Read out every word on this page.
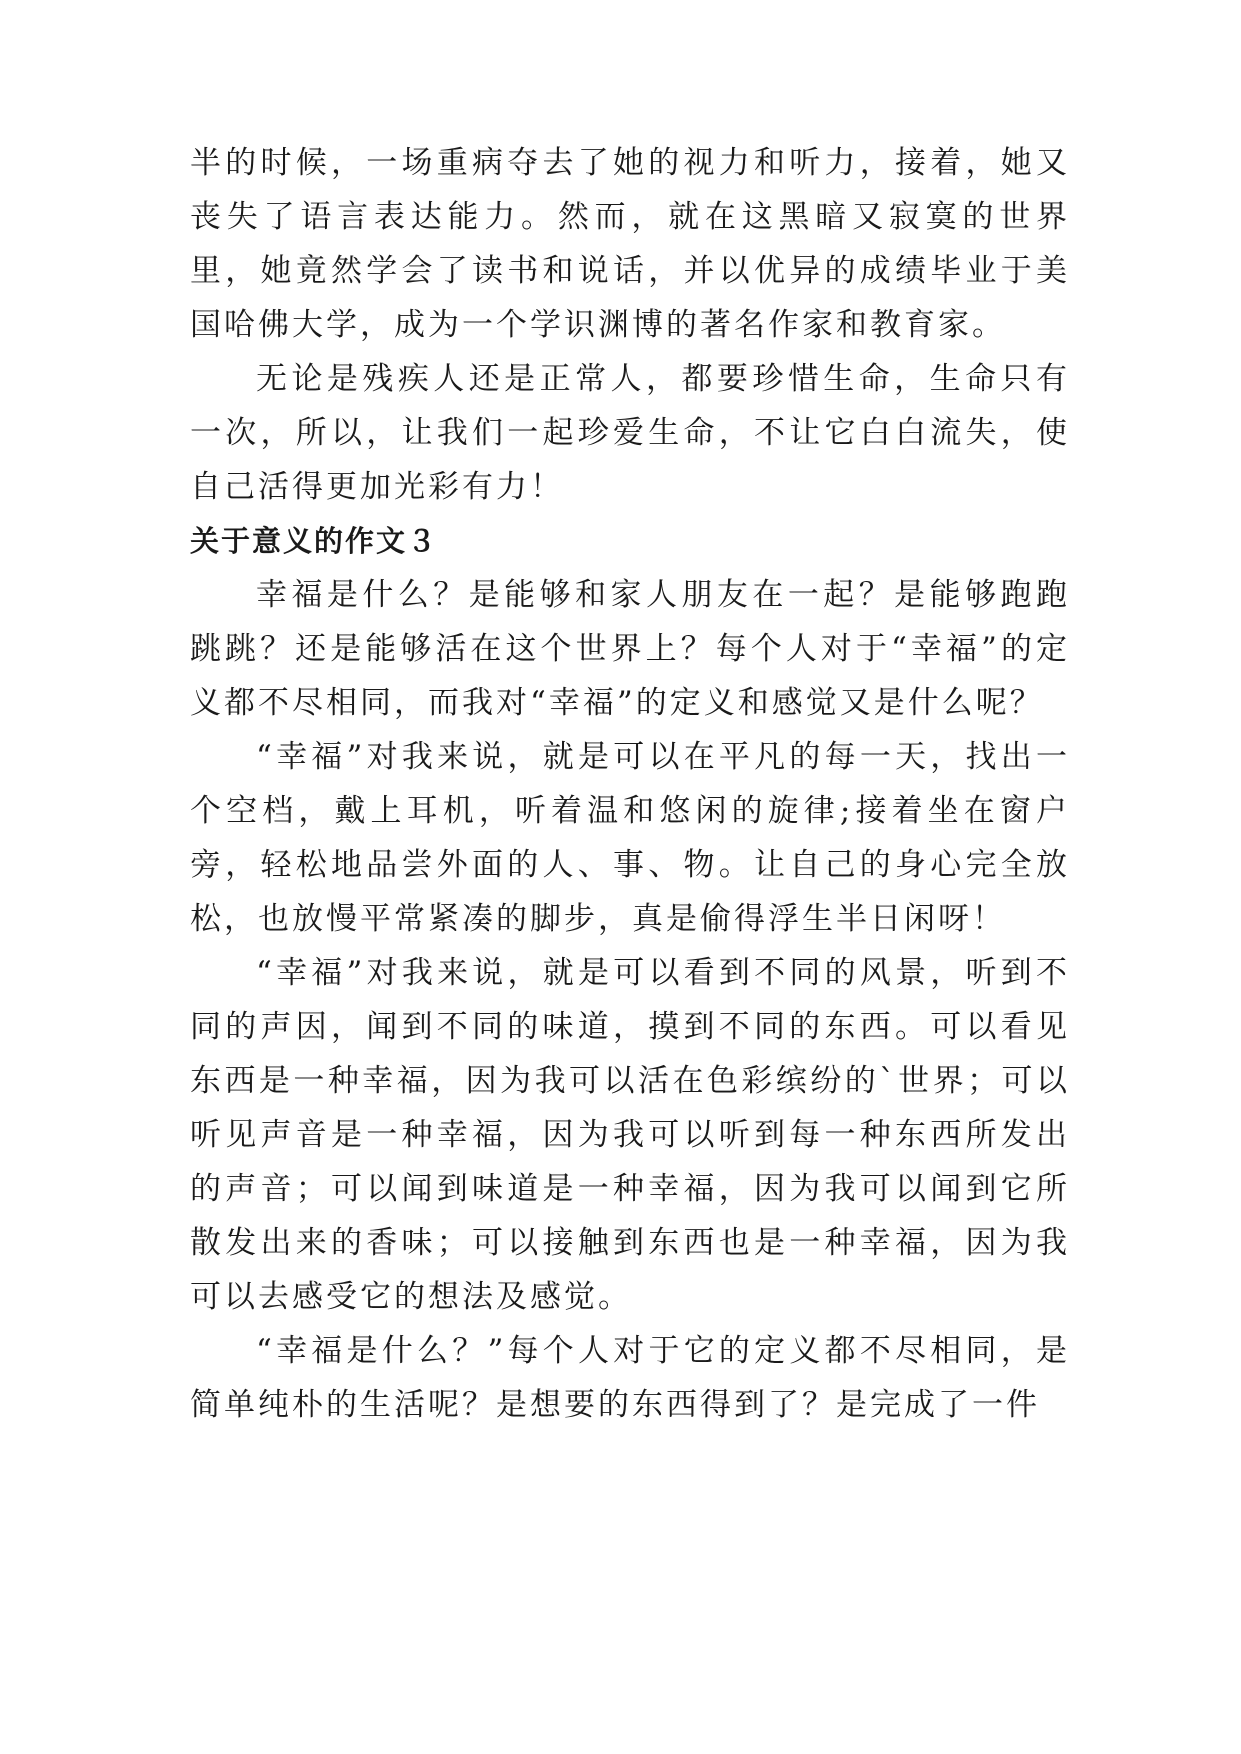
半的时候，一场重病夺去了她的视力和听力，接着，她又丧失了语言表达能力。然而，就在这黑暗又寂寞的世界里，她竟然学会了读书和说话，并以优异的成绩毕业于美国哈佛大学，成为一个学识渊博的著名作家和教育家。

无论是残疾人还是正常人，都要珍惜生命，生命只有一次，所以，让我们一起珍爱生命，不让它白白流失，使自己活得更加光彩有力！

关于意义的作文３

幸福是什么？是能够和家人朋友在一起？是能够跑跑跳跳？还是能够活在这个世界上？每个人对于“幸福”的定义都不尽相同，而我对“幸福”的定义和感觉又是什么呢？

“幸福”对我来说，就是可以在平凡的每一天，找出一个空档，戴上耳机，听着温和悠闲的旋律;接着坐在窗户旁，轻松地品尝外面的人、事、物。让自己的身心完全放松，也放慢平常紧凑的脚步，真是偷得浮生半日闲呀！

“幸福”对我来说，就是可以看到不同的风景，听到不同的声因，闻到不同的味道，摸到不同的东西。可以看见东西是一种幸福，因为我可以活在色彩缤纷的`世界；可以听见声音是一种幸福，因为我可以听到每一种东西所发出的声音；可以闻到味道是一种幸福，因为我可以闻到它所散发出来的香味；可以接触到东西也是一种幸福，因为我可以去感受它的想法及感觉。

“幸福是什么？”每个人对于它的定义都不尽相同，是简单纯朴的生活呢？是想要的东西得到了？是完成了一件
